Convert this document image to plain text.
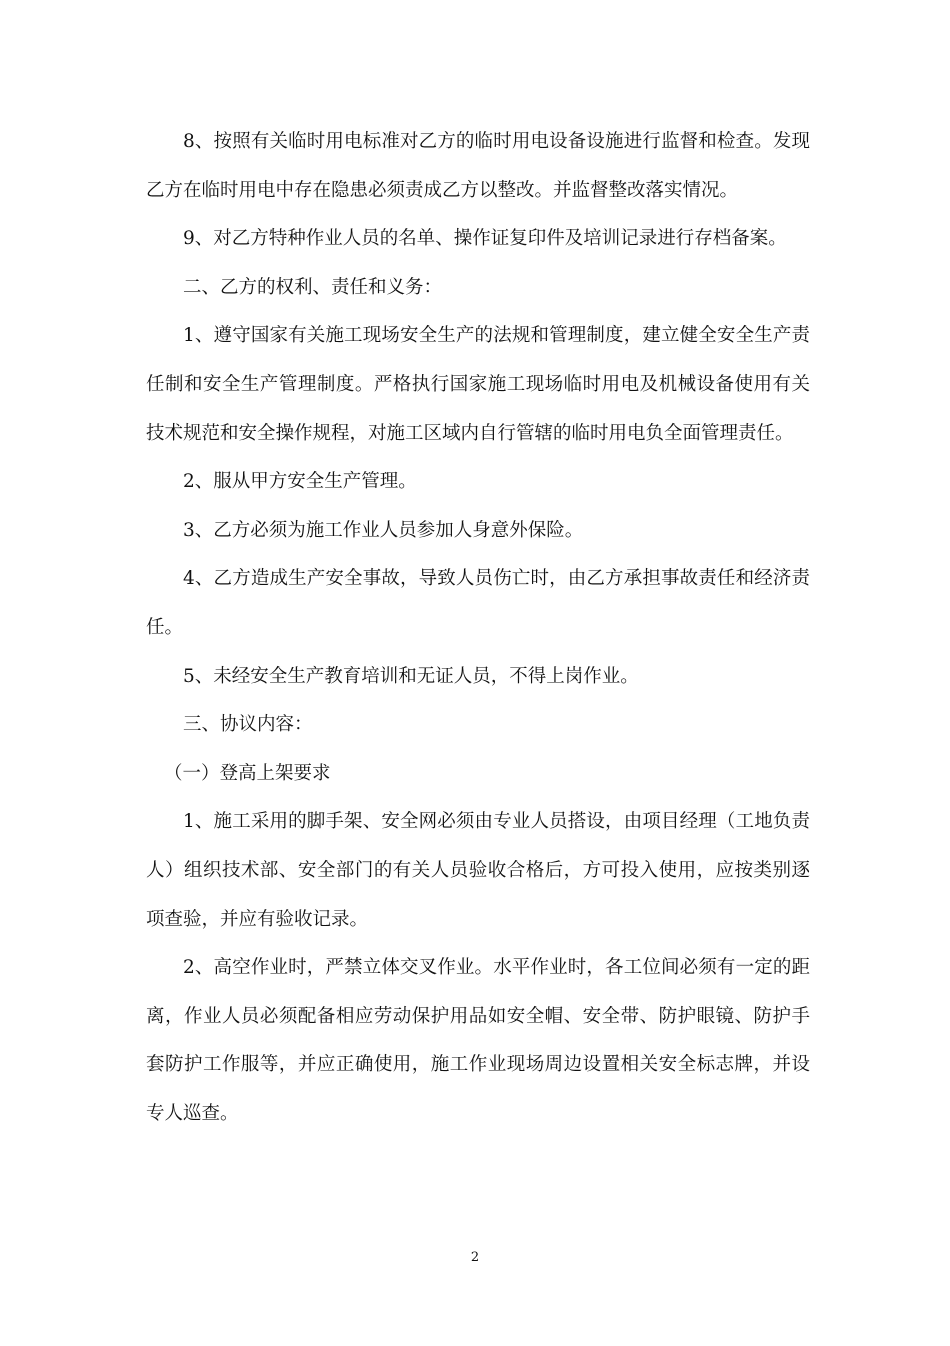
8、按照有关临时用电标准对乙方的临时用电设备设施进行监督和检查。发现乙方在临时用电中存在隐患必须责成乙方以整改。并监督整改落实情况。

9、对乙方特种作业人员的名单、操作证复印件及培训记录进行存档备案。

二、乙方的权利、责任和义务：

1、遵守国家有关施工现场安全生产的法规和管理制度，建立健全安全生产责任制和安全生产管理制度。严格执行国家施工现场临时用电及机械设备使用有关技术规范和安全操作规程，对施工区域内自行管辖的临时用电负全面管理责任。

2、服从甲方安全生产管理。

3、乙方必须为施工作业人员参加人身意外保险。

4、乙方造成生产安全事故，导致人员伤亡时，由乙方承担事故责任和经济责任。

5、未经安全生产教育培训和无证人员，不得上岗作业。

三、协议内容：

（一）登高上架要求

1、施工采用的脚手架、安全网必须由专业人员搭设，由项目经理（工地负责人）组织技术部、安全部门的有关人员验收合格后，方可投入使用，应按类别逐项查验，并应有验收记录。

2、高空作业时，严禁立体交叉作业。水平作业时，各工位间必须有一定的距离，作业人员必须配备相应劳动保护用品如安全帽、安全带、防护眼镜、防护手套防护工作服等，并应正确使用，施工作业现场周边设置相关安全标志牌，并设专人巡查。

2
